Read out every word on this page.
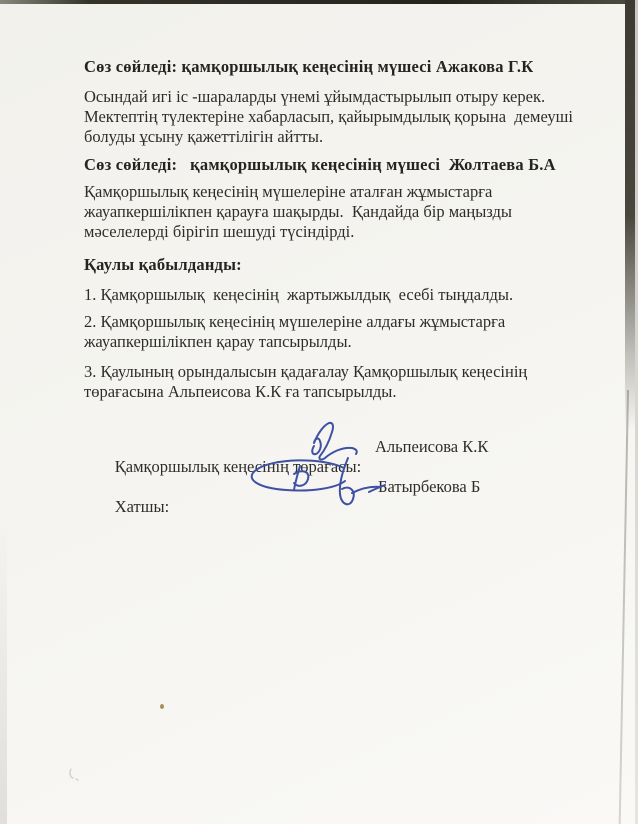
Сөз сөйледі: қамқоршылық кеңесінің мүшесі Ажакова Г.К

Осындай игі іс -шараларды үнемі ұйымдастырылып отыру керек. Мектептің түлектеріне хабарласып, қайырымдылық қорына  демеуші  болуды ұсыну қажеттілігін айтты.

Сөз сөйледі:   қамқоршылық кеңесінің мүшесі  Жолтаева Б.А

Қамқоршылық кеңесінің мүшелеріне аталған жұмыстарға жауапкершілікпен қарауға шақырды.  Қандайда бір маңызды мәселелерді бірігіп шешуді түсіндірді.

Қаулы қабылданды:

1. Қамқоршылық  кеңесінің  жартыжылдық  есебі тыңдалды.

2. Қамқоршылық кеңесінің мүшелеріне алдағы жұмыстарға жауапкершілікпен қарау тапсырылды.

3. Қаулының орындалысын қадағалау Қамқоршылық кеңесінің  төрағасына Альпеисова К.К ға тапсырылды.

Қамқоршылық кеңесінің төрағасы:

Альпеисова К.К

Хатшы:

Батырбекова Б
